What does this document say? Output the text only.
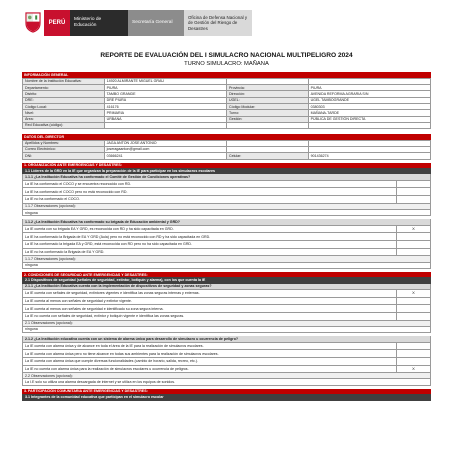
PERÚ	Ministerio de Educación
Secretaría General
Oficina de Defensa Nacional y de Gestión del Riesgo de Desastres
REPORTE DE EVALUACIÓN DEL I SIMULACRO NACIONAL MULTIPELIGRO 2024
TURNO SIMULACRO: MAÑANA
INFORMACIÓN GENERAL
Nombre de la Institución Educativa:	14920 ALMIRANTE MIGUEL GRAU
Departamento:	PIURA	Provincia:	PIURA
Distrito:	TAMBO GRANDE	Dirección:	AVENIDA REFORMA AGRARIA S/N
DRE:	DRE PIURA	UGEL:	UGEL TAMBOGRANDE
Código Local:	416176	Código Modular:	0380303
Nivel:	PRIMARIA	Turno:	MAÑANA-TARDE
Área:	URBANA	Gestión:	PÚBLICA DE GESTIÓN DIRECTA
Red Educativa (código):
DATOS DEL DIRECTOR
Apellidos y Nombres:	JAGA ANTON JOSE ANTONIO
Correo Electrónico:	joseragaanton@gmail.com
DNI:	03666241	Celular:	901436274
1. ORGANIZACIÓN ANTE EMERGENCIAS Y DESASTRES:
1.1 Líderes de la GRD en la IE que organizan la preparación de la IE para participar en los simulacros escolares
1.1.1 ¿La Institución Educativa ha conformado el Comité de Gestión de Condiciones operativas?
La IE ha conformado el COCO y se encuentra reconocido con RD.
La IE ha conformado el COCO pero no está reconocido con RD.
La IE no ha conformado el COCO.
1.1.7 Observaciones (opcional):
ninguna
1.1.2 ¿La Institución Educativa ha conformado su brigada de Educación ambiental y GRD?
La IE cuenta con su brigada EA Y GRD, es reconocida con RD y ha sido capacitada en GRD.	X
La IE ha conformado la Brigada de EA Y GRD (Aula) pero no está reconocido con RD y ha sido capacitada en GRD.
La IE ha conformado la brigada EA y GRD, está reconocida con RD pero no ha sido capacitada en GRD.
La IE no ha conformado la Brigada de EA Y GRD.
1.1.7 Observaciones (opcional):
ninguna
2. CONDICIONES DE SEGURIDAD ANTE EMERGENCIAS Y DESASTRES:
2.1 Dispositivos de seguridad (señales de seguridad, extintor, botiquín y alarma), con los que cuenta la IE
2.1.1 ¿La Institución Educativa cuenta con la implementación de dispositivos de seguridad y zonas seguras?
La IE cuenta con señales de seguridad, extintores vigentes e identifica las zonas seguras internas y externas.	X
La IE cuenta al menos con señales de seguridad y extintor vigente.
La IE cuenta al menos con señales de seguridad e identificado su zona segura interna.
La IE no cuenta con señales de seguridad, extintor y botiquín vigente e identifica las zonas seguras.
2.1 Observaciones (opcional):
ninguna
2.1.2 ¿La Institución educativa cuenta con un sistema de alarma única para desarrollo de simulacro u ocurrencia de peligro?
La IE cuenta con alarma única y de alcance en toda el área de la IE para la realización de simulacros escolares.
La IE cuenta con alarma única pero no tiene alcance en todas sus ambientes para la realización de simulacros escolares.
La IE cuenta con alarma única que cumple diversas funcionalidades (cambio de horario, salida, recreo, etc.).
La IE no cuenta con alarma única para la realización de simulacros escolares u ocurrencia de peligros.	X
2.2 Observaciones (opcional):
La I.E solo su utiliza una alarma descargada de internet y se utiliza en los equipos de sonidos.
3. PARTICIPACIÓN COMUNITARIA ANTE EMERGENCIAS Y DESASTRES:
3.1 Integrantes de la comunidad educativa que participan en el simulacro escolar
